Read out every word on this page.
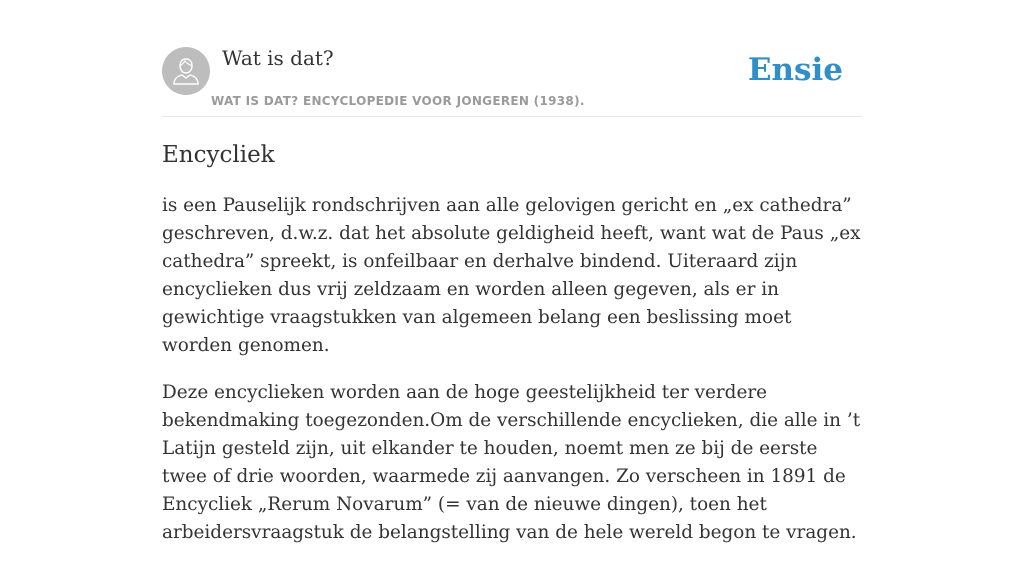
Wat is dat?
WAT IS DAT? ENCYCLOPEDIE VOOR JONGEREN (1938).
Ensie
Encycliek

is een Pauselijk rondschrijven aan alle gelovigen gericht en „ex cathedra” geschreven, d.w.z. dat het absolute geldigheid heeft, want wat de Paus „ex cathedra” spreekt, is onfeilbaar en derhalve bindend. Uiteraard zijn encyclieken dus vrij zeldzaam en worden alleen gegeven, als er in gewichtige vraagstukken van algemeen belang een beslissing moet worden genomen.

Deze encyclieken worden aan de hoge geestelijkheid ter verdere bekendmaking toegezonden.Om de verschillende encyclieken, die alle in ’t Latijn gesteld zijn, uit elkander te houden, noemt men ze bij de eerste twee of drie woorden, waarmede zij aanvangen. Zo verscheen in 1891 de Encycliek „Rerum Novarum” (= van de nieuwe dingen), toen het arbeidersvraagstuk de belangstelling van de hele wereld begon te vragen.
